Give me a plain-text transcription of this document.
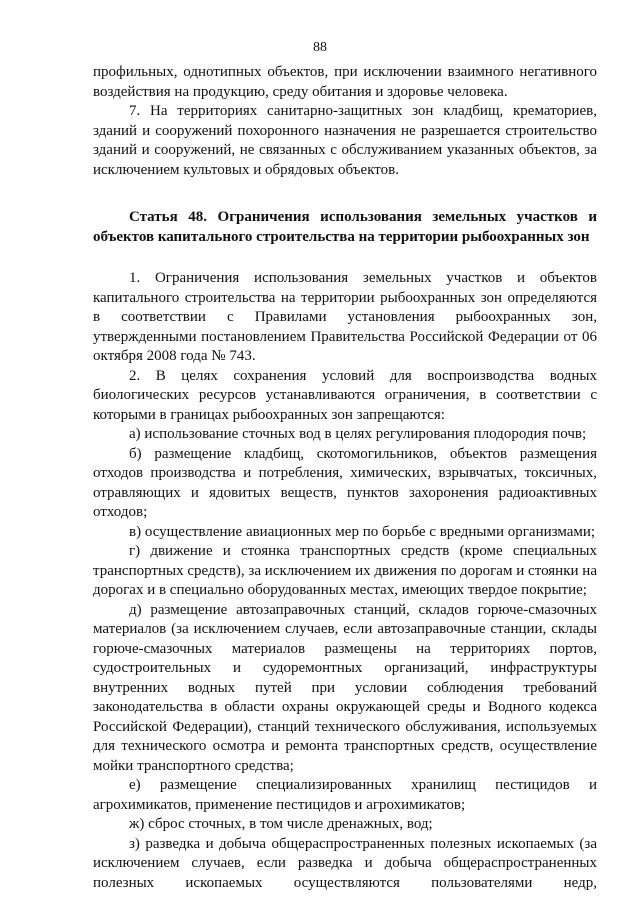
88

профильных, однотипных объектов, при исключении взаимного негативного воздействия на продукцию, среду обитания и здоровье человека.

7. На территориях санитарно-защитных зон кладбищ, крематориев, зданий и сооружений похоронного назначения не разрешается строительство зданий и сооружений, не связанных с обслуживанием указанных объектов, за исключением культовых и обрядовых объектов.

Статья 48. Ограничения использования земельных участков и объектов капитального строительства на территории рыбоохранных зон

1. Ограничения использования земельных участков и объектов капитального строительства на территории рыбоохранных зон определяются в соответствии с Правилами установления рыбоохранных зон, утвержденными постановлением Правительства Российской Федерации от 06 октября 2008 года № 743.

2. В целях сохранения условий для воспроизводства водных биологических ресурсов устанавливаются ограничения, в соответствии с которыми в границах рыбоохранных зон запрещаются:

а) использование сточных вод в целях регулирования плодородия почв;

б) размещение кладбищ, скотомогильников, объектов размещения отходов производства и потребления, химических, взрывчатых, токсичных, отравляющих и ядовитых веществ, пунктов захоронения радиоактивных отходов;

в) осуществление авиационных мер по борьбе с вредными организмами;

г) движение и стоянка транспортных средств (кроме специальных транспортных средств), за исключением их движения по дорогам и стоянки на дорогах и в специально оборудованных местах, имеющих твердое покрытие;

д) размещение автозаправочных станций, складов горюче-смазочных материалов (за исключением случаев, если автозаправочные станции, склады горюче-смазочных материалов размещены на территориях портов, судостроительных и судоремонтных организаций, инфраструктуры внутренних водных путей при условии соблюдения требований законодательства в области охраны окружающей среды и Водного кодекса Российской Федерации), станций технического обслуживания, используемых для технического осмотра и ремонта транспортных средств, осуществление мойки транспортного средства;

е) размещение специализированных хранилищ пестицидов и агрохимикатов, применение пестицидов и агрохимикатов;

ж) сброс сточных, в том числе дренажных, вод;

з) разведка и добыча общераспространенных полезных ископаемых (за исключением случаев, если разведка и добыча общераспространенных полезных ископаемых осуществляются пользователями недр,
